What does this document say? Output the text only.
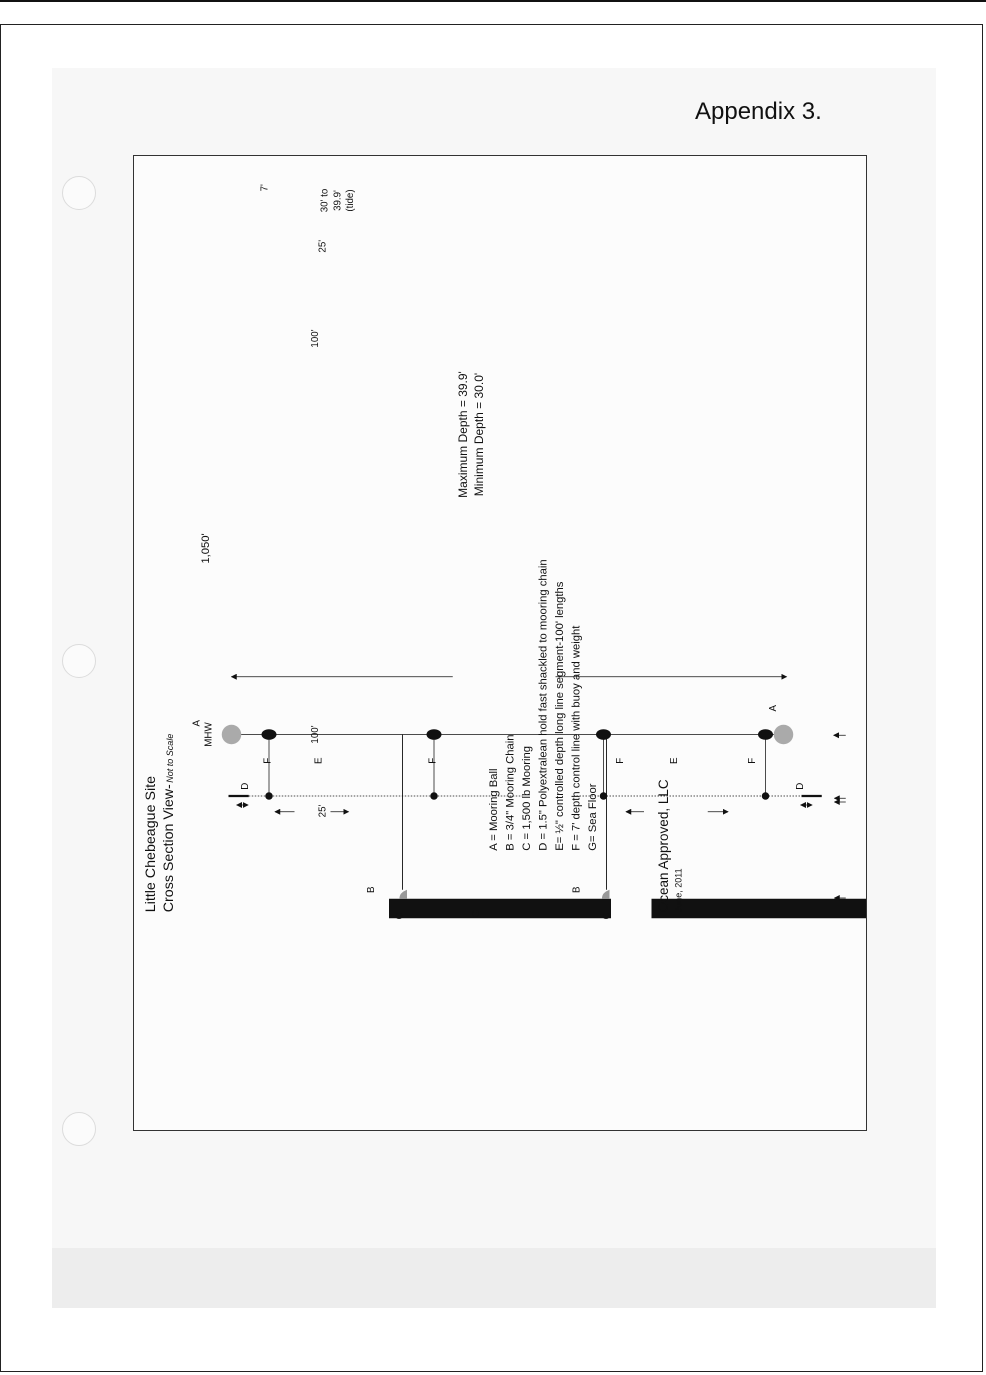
Appendix 3.
MHW
A
A
B	B
C	C
D	D
E	E
F	F	F	F
G
1,050'
100'
100'
25'
25'
7'
30' to 39.9' (tide)
Maximum Depth = 39.9' Minimum Depth = 30.0'
Little Chebeague Site Cross Section View-Not to Scale
A = Mooring Ball B = 3/4" Mooring Chain C = 1,500 lb Mooring D = 1.5" Polyextralean hold fast shackled to mooring chain E= ½" controlled depth long line segment-100' lengths F = 7' depth control line with buoy and weight G= Sea Floor	Ocean Approved, LLC June, 2011
